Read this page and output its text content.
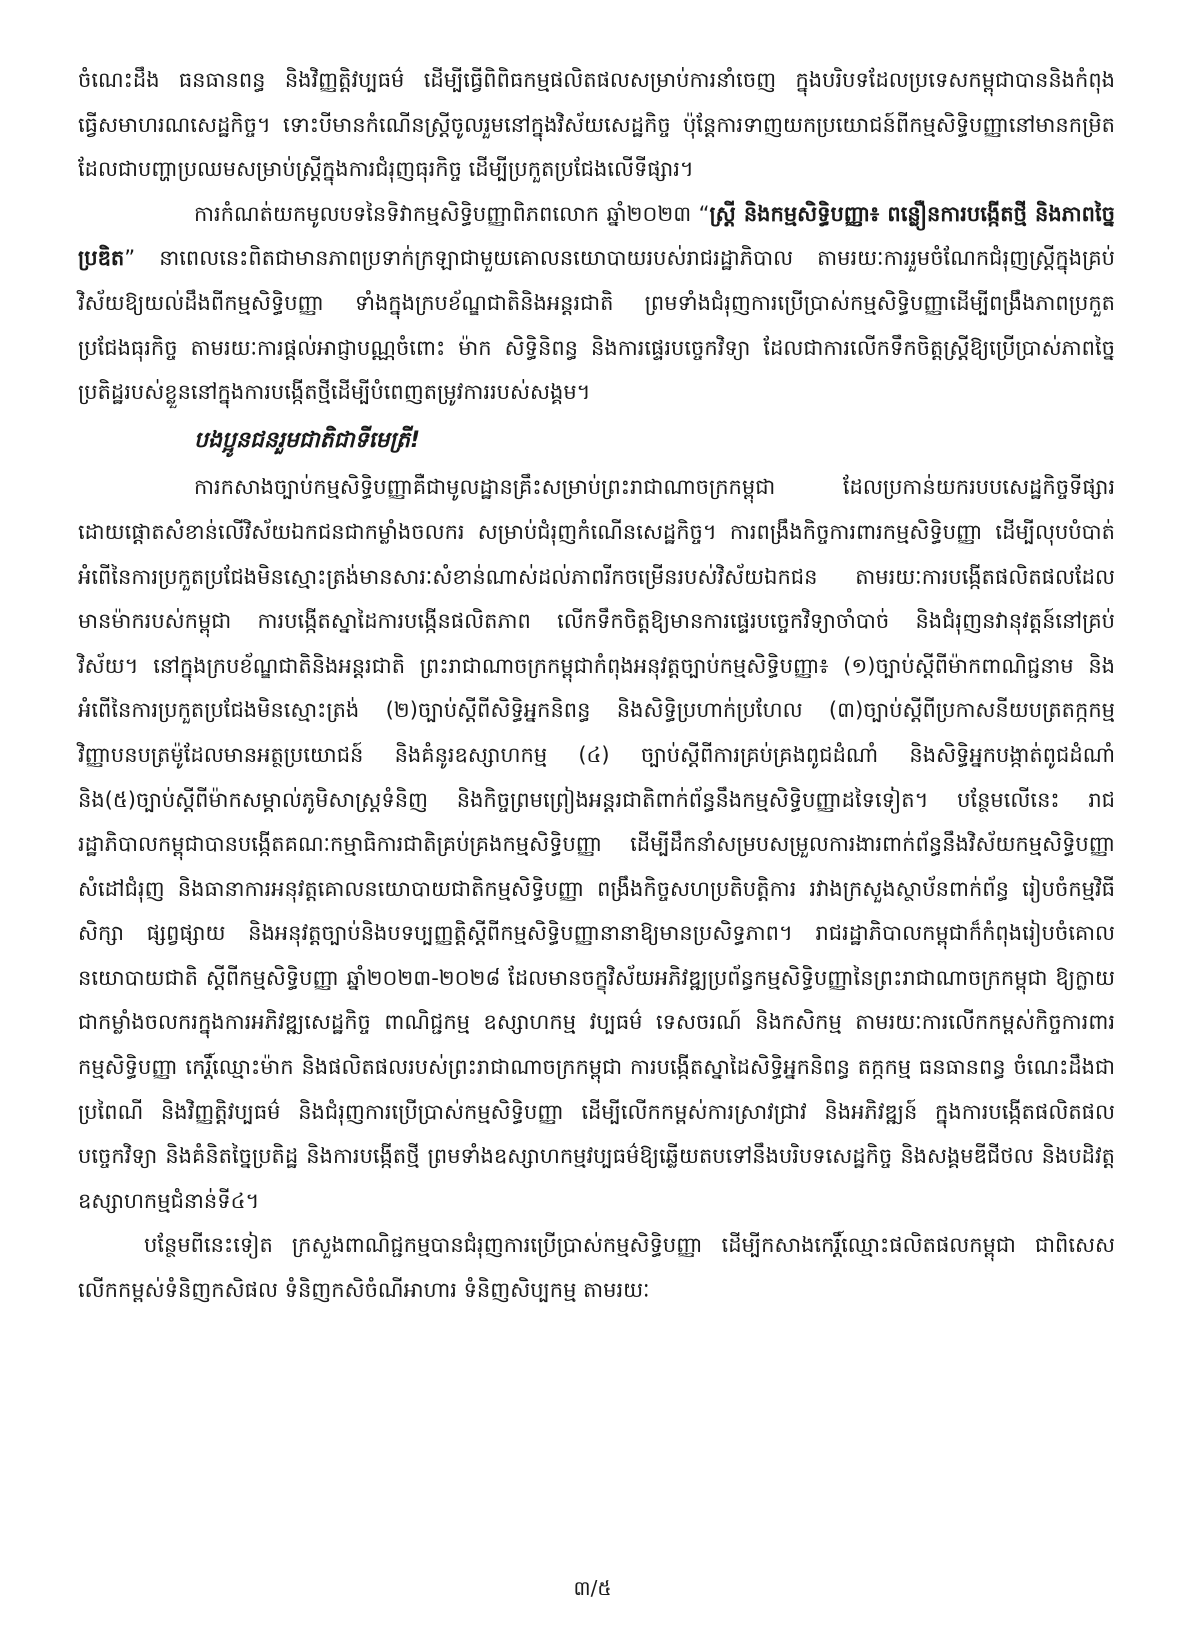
ចំណេះដឹង ធនធានពន្ធ និងវិញ្ញត្តិវប្បធម៌ ដើម្បីធ្វើពិពិធកម្មផលិតផលសម្រាប់ការនាំចេញ ក្នុងបរិបទដែលប្រទេសកម្ពុជាបាននិងកំពុងធ្វើសមាហរណសេដ្ឋកិច្ច។ ទោះបីមានកំណើនស្ត្រីចូលរួមនៅក្នុងវិស័យសេដ្ឋកិច្ច ប៉ុន្តែការទាញយកប្រយោជន៍ពីកម្មសិទ្ធិបញ្ញានៅមានកម្រិត ដែលជាបញ្ហាប្រឈមសម្រាប់ស្ត្រីក្នុងការជំរុញធុរកិច្ច ដើម្បីប្រកួតប្រជែងលើទីផ្សារ។

ការកំណត់យកមូលបទនៃទិវាកម្មសិទ្ធិបញ្ញាពិភពលោក ឆ្នាំ២០២៣ “ស្ត្រី និងកម្មសិទ្ធិបញ្ញា៖ ពន្លឿនការបង្កើតថ្មី និងភាពច្នៃប្រឌិត” នាពេលនេះពិតជាមានភាពប្រទាក់ក្រឡាជាមួយគោលនយោបាយរបស់រាជរដ្ឋាភិបាល តាមរយៈការរួមចំណែកជំរុញស្ត្រីក្នុងគ្រប់វិស័យឱ្យយល់ដឹងពីកម្មសិទ្ធិបញ្ញា ទាំងក្នុងក្របខ័ណ្ឌជាតិនិងអន្តរជាតិ ព្រមទាំងជំរុញការប្រើប្រាស់កម្មសិទ្ធិបញ្ញាដើម្បីពង្រឹងភាពប្រកួតប្រជែងធុរកិច្ច តាមរយៈការផ្តល់អាជ្ញាបណ្ណចំពោះ ម៉ាក សិទ្ធិនិពន្ធ និងការផ្ទេរបច្ចេកវិទ្យា ដែលជាការលើកទឹកចិត្តស្ត្រីឱ្យប្រើប្រាស់ភាពច្នៃប្រតិដ្ឋរបស់ខ្លួននៅក្នុងការបង្កើតថ្មីដើម្បីបំពេញតម្រូវការរបស់សង្គម។

បងប្អូនជនរួមជាតិជាទីមេត្រី!

ការកសាងច្បាប់កម្មសិទ្ធិបញ្ញាគឺជាមូលដ្ឋានគ្រឹះសម្រាប់ព្រះរាជាណាចក្រកម្ពុជា ដែលប្រកាន់យករបបសេដ្ឋកិច្ចទីផ្សារ ដោយផ្តោតសំខាន់លើវិស័យឯកជនជាកម្លាំងចលករ សម្រាប់ជំរុញកំណើនសេដ្ឋកិច្ច។ ការពង្រឹងកិច្ចការពារកម្មសិទ្ធិបញ្ញា ដើម្បីលុបបំបាត់អំពើនៃការប្រកួតប្រជែងមិនស្មោះត្រង់មានសារៈសំខាន់ណាស់ដល់ភាពរីកចម្រើនរបស់វិស័យឯកជន តាមរយៈការបង្កើតផលិតផលដែលមានម៉ាករបស់កម្ពុជា ការបង្កើតស្នាដៃការបង្កើនផលិតភាព លើកទឹកចិត្តឱ្យមានការផ្ទេរបច្ចេកវិទ្យាចាំបាច់ និងជំរុញនវានុវត្តន៍នៅគ្រប់វិស័យ។ នៅក្នុងក្របខ័ណ្ឌជាតិនិងអន្តរជាតិ ព្រះរាជាណាចក្រកម្ពុជាកំពុងអនុវត្តច្បាប់កម្មសិទ្ធិបញ្ញា៖ (១)ច្បាប់ស្តីពីម៉ាកពាណិជ្ជនាម និងអំពើនៃការប្រកួតប្រជែងមិនស្មោះត្រង់ (២)ច្បាប់ស្តីពីសិទ្ធិអ្នកនិពន្ធ និងសិទ្ធិប្រហាក់ប្រហែល (៣)ច្បាប់ស្តីពីប្រកាសនីយបត្រតក្កកម្ម វិញ្ញាបនបត្រម៉ូដែលមានអត្ថប្រយោជន៍ និងគំនូរឧស្សាហកម្ម (៤) ច្បាប់ស្តីពីការគ្រប់គ្រងពូជដំណាំ និងសិទ្ធិអ្នកបង្កាត់ពូជដំណាំ និង(៥)ច្បាប់ស្តីពីម៉ាកសម្គាល់ភូមិសាស្ត្រទំនិញ និងកិច្ចព្រមព្រៀងអន្តរជាតិពាក់ព័ន្ធនឹងកម្មសិទ្ធិបញ្ញាដទៃទៀត។ បន្ថែមលើនេះ រាជរដ្ឋាភិបាលកម្ពុជាបានបង្កើតគណៈកម្មាធិការជាតិគ្រប់គ្រងកម្មសិទ្ធិបញ្ញា ដើម្បីដឹកនាំសម្របសម្រួលការងារពាក់ព័ន្ធនឹងវិស័យកម្មសិទ្ធិបញ្ញាសំដៅជំរុញ និងធានាការអនុវត្តគោលនយោបាយជាតិកម្មសិទ្ធិបញ្ញា ពង្រឹងកិច្ចសហប្រតិបត្តិការ រវាងក្រសួងស្ថាប័នពាក់ព័ន្ធ រៀបចំកម្មវិធីសិក្សា ផ្សព្វផ្សាយ និងអនុវត្តច្បាប់និងបទប្បញ្ញត្តិស្តីពីកម្មសិទ្ធិបញ្ញានានាឱ្យមានប្រសិទ្ធភាព។ រាជរដ្ឋាភិបាលកម្ពុជាក៏កំពុងរៀបចំគោលនយោបាយជាតិ ស្តីពីកម្មសិទ្ធិបញ្ញា ឆ្នាំ២០២៣-២០២៨ ដែលមានចក្ខុវិស័យអភិវឌ្ឍប្រព័ន្ធកម្មសិទ្ធិបញ្ញានៃព្រះរាជាណាចក្រកម្ពុជា ឱ្យក្លាយជាកម្លាំងចលករក្នុងការអភិវឌ្ឍសេដ្ឋកិច្ច ពាណិជ្ជកម្ម ឧស្សាហកម្ម វប្បធម៌ ទេសចរណ៍ និងកសិកម្ម តាមរយៈការលើកកម្ពស់កិច្ចការពារកម្មសិទ្ធិបញ្ញា កេរ្តិ៍ឈ្មោះម៉ាក និងផលិតផលរបស់ព្រះរាជាណាចក្រកម្ពុជា ការបង្កើតស្នាដៃសិទ្ធិអ្នកនិពន្ធ តក្កកម្ម ធនធានពន្ធ ចំណេះដឹងជាប្រពៃណី និងវិញ្ញត្តិវប្បធម៌ និងជំរុញការប្រើប្រាស់កម្មសិទ្ធិបញ្ញា ដើម្បីលើកកម្ពស់ការស្រាវជ្រាវ និងអភិវឌ្ឍន៍ ក្នុងការបង្កើតផលិតផលបច្ចេកវិទ្យា និងគំនិតច្នៃប្រតិដ្ឋ និងការបង្កើតថ្មី ព្រមទាំងឧស្សាហកម្មវប្បធម៌ឱ្យឆ្លើយតបទៅនឹងបរិបទសេដ្ឋកិច្ច និងសង្គមឌីជីថល និងបដិវត្តឧស្សាហកម្មជំនាន់ទី៤។

បន្ថែមពីនេះទៀត ក្រសួងពាណិជ្ជកម្មបានជំរុញការប្រើប្រាស់កម្មសិទ្ធិបញ្ញា ដើម្បីកសាងកេរ្តិ៍ឈ្មោះផលិតផលកម្ពុជា ជាពិសេសលើកកម្ពស់ទំនិញកសិផល ទំនិញកសិចំណីអាហារ ទំនិញសិប្បកម្ម តាមរយៈ

៣/៥
